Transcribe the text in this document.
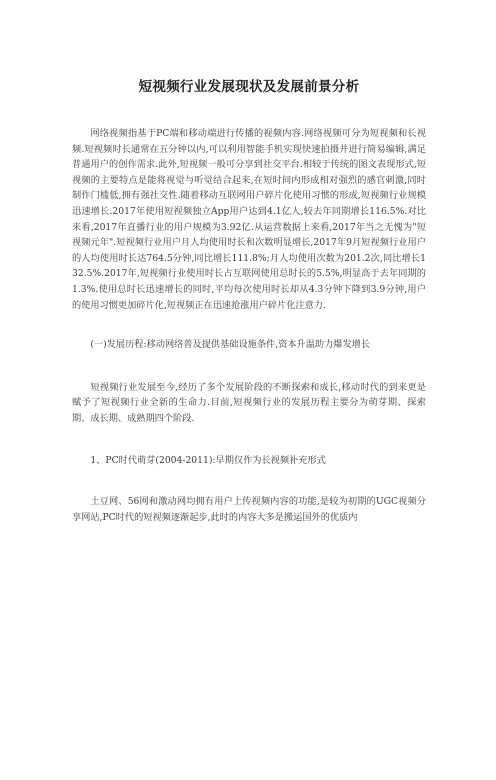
短视频行业发展现状及发展前景分析

网络视频指基于PC端和移动端进行传播的视频内容.网络视频可分为短视频和长视频.短视频时长通常在五分钟以内,可以利用智能手机实现快速拍摄并进行简易编辑,满足普通用户的创作需求.此外,短视频一般可分享到社交平台.相较于传统的图文表现形式,短视频的主要特点是能将视觉与听觉结合起来,在短时间内形成相对强烈的感官刺激,同时制作门槛低,拥有强社交性.随着移动互联网用户碎片化使用习惯的形成,短视频行业规模迅速增长.2017年使用短视频独立App用户达到4.1亿人,较去年同期增长116.5%.对比来看,2017年直播行业的用户规模为3.92亿.从运营数据上来看,2017年当之无愧为"短视频元年".短视频行业用户月人均使用时长和次数明显增长,2017年9月短视频行业用户的人均使用时长达764.5分钟,同比增长111.8%;月人均使用次数为201.2次,同比增长132.5%.2017年,短视频行业使用时长占互联网使用总时长的5.5%,明显高于去年同期的1.3%.使用总时长迅速增长的同时,平均每次使用时长却从4.3分钟下降到3.9分钟,用户的使用习惯更加碎片化,短视频正在迅速抢涨用户碎片化注意力.

(一)发展历程:移动网络普及提供基础设施条件,资本升温助力爆发增长

短视频行业发展至今,经历了多个发展阶段的不断探索和成长,移动时代的到来更是赋予了短视频行业全新的生命力.目前,短视频行业的发展历程主要分为萌芽期、探索期、成长期、成熟期四个阶段.

1、PC时代萌芽(2004-2011):早期仅作为长视频补充形式

土豆网、56网和激动网均拥有用户上传视频内容的功能,是较为初期的UGC视频分享网站,PC时代的短视频逐渐起步,此时的内容大多是搬运国外的优质内
